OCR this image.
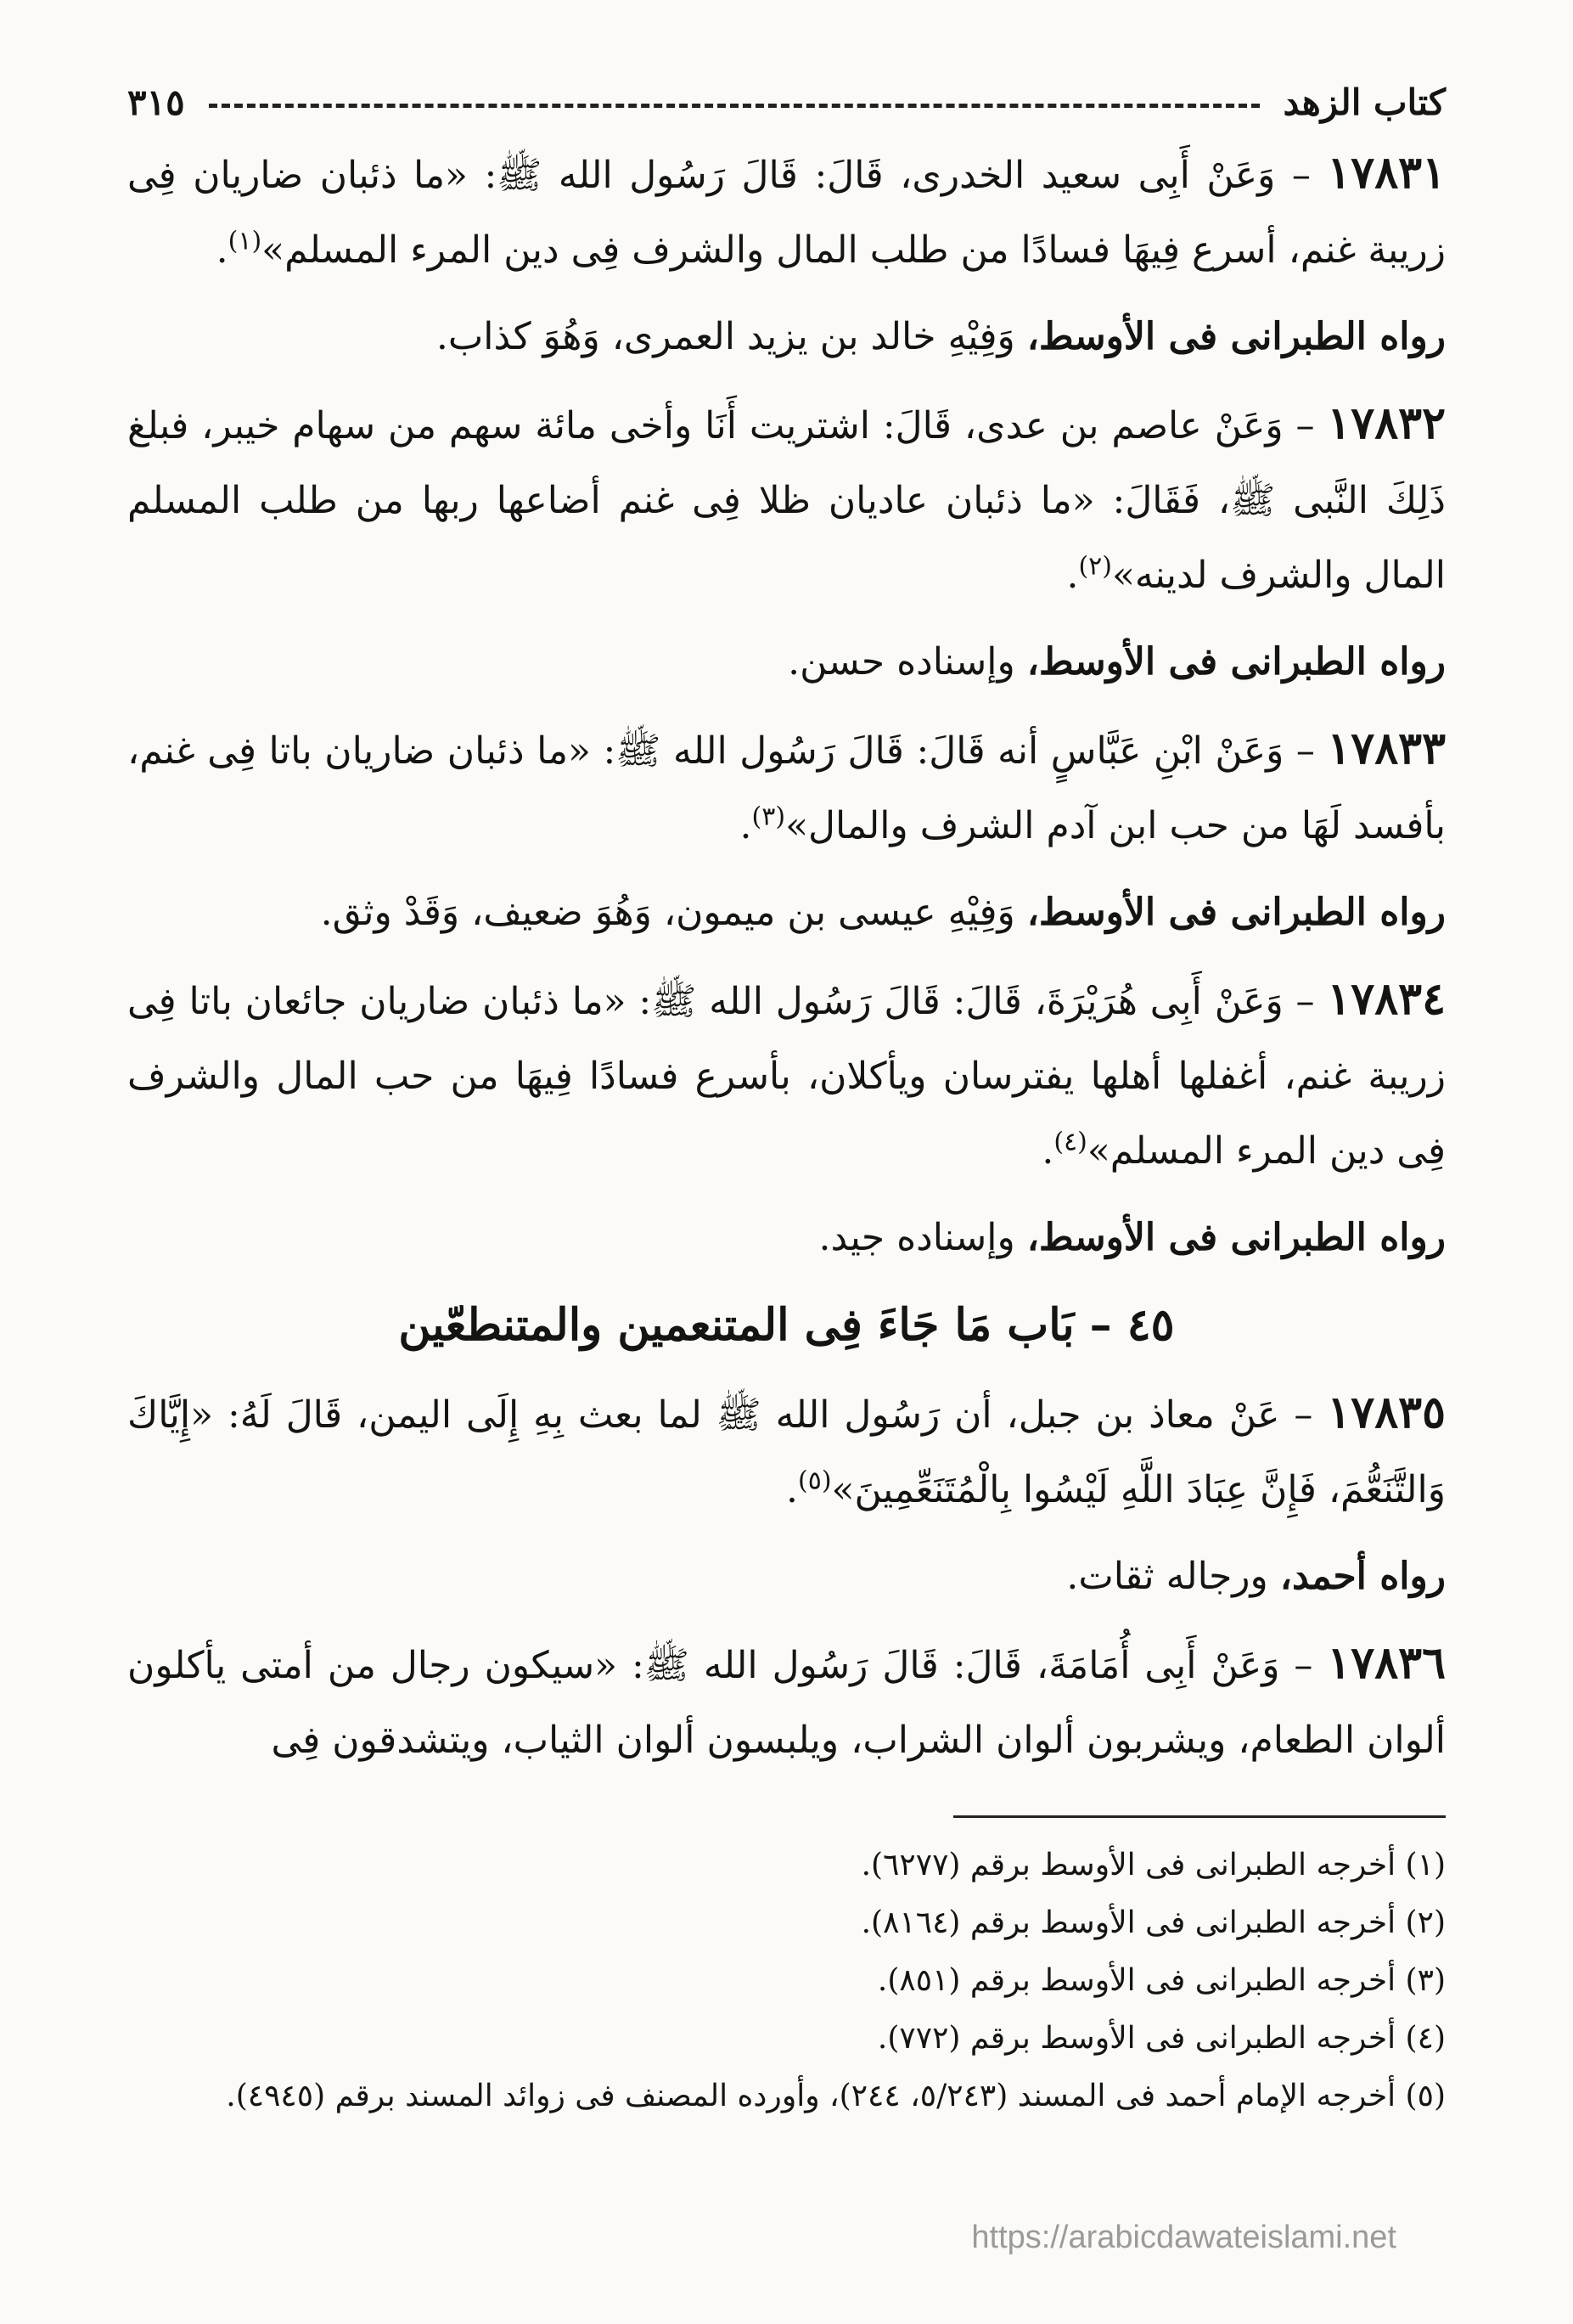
كتاب الزهد
٣١٥

١٧٨٣١ – وَعَنْ أَبِى سعيد الخدرى، قَالَ: قَالَ رَسُول الله ﷺ: «ما ذئبان ضاريان فِى زريبة غنم، أسرع فِيهَا فسادًا من طلب المال والشرف فِى دين المرء المسلم»$^{(١)}$.

رواه الطبرانى فى الأوسط، وَفِيْهِ خالد بن يزيد العمرى، وَهُوَ كذاب.

١٧٨٣٢ – وَعَنْ عاصم بن عدى، قَالَ: اشتريت أَنَا وأخى مائة سهم من سهام خيبر، فبلغ ذَلِكَ النَّبى ﷺ، فَقَالَ: «ما ذئبان عاديان ظلا فِى غنم أضاعها ربها من طلب المسلم المال والشرف لدينه»$^{(٢)}$.

رواه الطبرانى فى الأوسط، وإسناده حسن.

١٧٨٣٣ – وَعَنْ ابْنِ عَبَّاسٍ أنه قَالَ: قَالَ رَسُول الله ﷺ: «ما ذئبان ضاريان باتا فِى غنم، بأفسد لَهَا من حب ابن آدم الشرف والمال»$^{(٣)}$.

رواه الطبرانى فى الأوسط، وَفِيْهِ عيسى بن ميمون، وَهُوَ ضعيف، وَقَدْ وثق.

١٧٨٣٤ – وَعَنْ أَبِى هُرَيْرَةَ، قَالَ: قَالَ رَسُول الله ﷺ: «ما ذئبان ضاريان جائعان باتا فِى زريبة غنم، أغفلها أهلها يفترسان ويأكلان، بأسرع فسادًا فِيهَا من حب المال والشرف فِى دين المرء المسلم»$^{(٤)}$.

رواه الطبرانى فى الأوسط، وإسناده جيد.

٤٥ – بَاب مَا جَاءَ فِى المتنعمين والمتنطعّين

١٧٨٣٥ – عَنْ معاذ بن جبل، أن رَسُول الله ﷺ لما بعث بِهِ إِلَى اليمن، قَالَ لَهُ: «إِيَّاكَ وَالتَّنَعُّمَ، فَإِنَّ عِبَادَ اللَّهِ لَيْسُوا بِالْمُتَنَعِّمِينَ»$^{(٥)}$.

رواه أحمد، ورجاله ثقات.

١٧٨٣٦ – وَعَنْ أَبِى أُمَامَةَ، قَالَ: قَالَ رَسُول الله ﷺ: «سيكون رجال من أمتى يأكلون ألوان الطعام، ويشربون ألوان الشراب، ويلبسون ألوان الثياب، ويتشدقون فِى

(١) أخرجه الطبرانى فى الأوسط برقم (٦٢٧٧).

(٢) أخرجه الطبرانى فى الأوسط برقم (٨١٦٤).

(٣) أخرجه الطبرانى فى الأوسط برقم (٨٥١).

(٤) أخرجه الطبرانى فى الأوسط برقم (٧٧٢).

(٥) أخرجه الإمام أحمد فى المسند (٥/٢٤٣، ٢٤٤)، وأورده المصنف فى زوائد المسند برقم (٤٩٤٥).

https://arabicdawateislami.net
